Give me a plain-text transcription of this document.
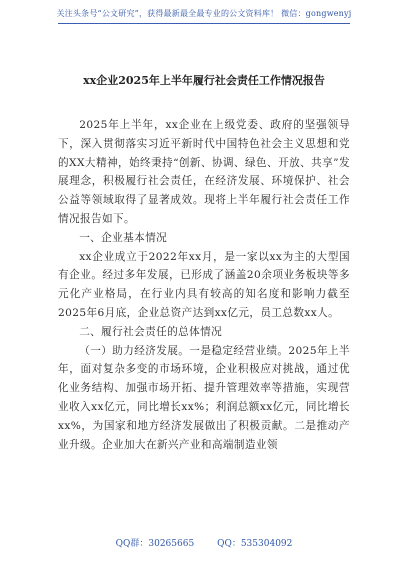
关注头条号“公文研究”，获得最新最全最专业的公文资料库！ 微信：gongwenyj
xx企业2025年上半年履行社会责任工作情况报告

2025年上半年，xx企业在上级党委、政府的坚强领导下，深入贯彻落实习近平新时代中国特色社会主义思想和党的XX大精神，始终秉持“创新、协调、绿色、开放、共享”发展理念，积极履行社会责任，在经济发展、环境保护、社会公益等领域取得了显著成效。现将上半年履行社会责任工作情况报告如下。

一、企业基本情况

xx企业成立于2022年xx月，是一家以xx为主的大型国有企业。经过多年发展，已形成了涵盖20余项业务板块等多元化产业格局，在行业内具有较高的知名度和影响力截至2025年6月底，企业总资产达到xx亿元，员工总数xx人。

二、履行社会责任的总体情况

（一）助力经济发展。一是稳定经营业绩。2025年上半年，面对复杂多变的市场环境，企业积极应对挑战，通过优化业务结构、加强市场开拓、提升管理效率等措施，实现营业收入xx亿元，同比增长xx%；利润总额xx亿元，同比增长xx%，为国家和地方经济发展做出了积极贡献。二是推动产业升级。企业加大在新兴产业和高端制造业领

QQ群：30265665	QQ：535304092
